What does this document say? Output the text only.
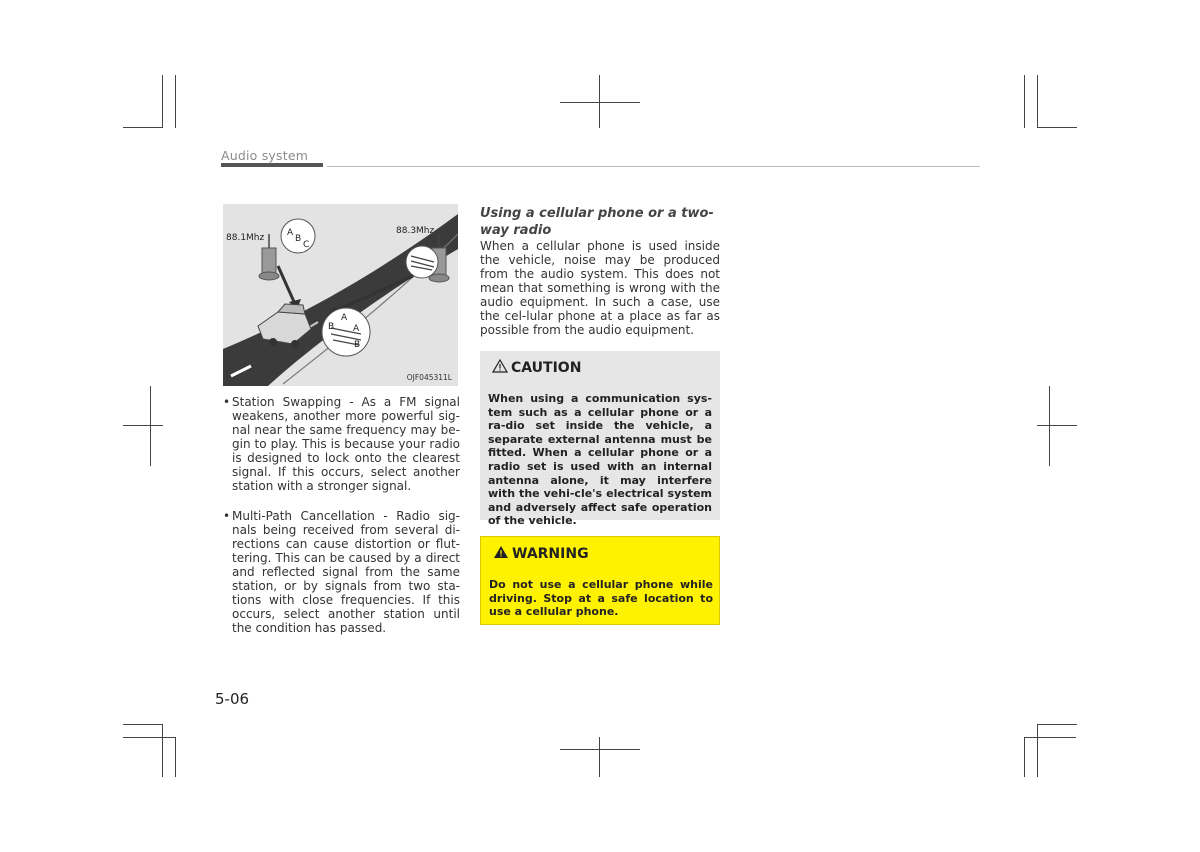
Audio system
88.1Mhz
88.3Mhz
A
B
C
A
B A
B
OJF045311L
• Station Swapping - As a FM signal weakens, another more powerful sig-nal near the same frequency may be-gin to play. This is because your radio is designed to lock onto the clearest signal. If this occurs, select another station with a stronger signal.
• Multi-Path Cancellation - Radio sig-nals being received from several di-rections can cause distortion or flut-tering. This can be caused by a direct and reflected signal from the same station, or by signals from two sta-tions with close frequencies. If this occurs, select another station until the condition has passed.
Using a cellular phone or a two-way radio
When a cellular phone is used inside the vehicle, noise may be produced from the audio system. This does not mean that something is wrong with the audio equipment. In such a case, use the cel-lular phone at a place as far as possible from the audio equipment.
CAUTION
When using a communication sys-tem such as a cellular phone or a ra-dio set inside the vehicle, a separate external antenna must be fitted. When a cellular phone or a radio set is used with an internal antenna alone, it may interfere with the vehi-cle's electrical system and adversely affect safe operation of the vehicle.
WARNING
Do not use a cellular phone while driving. Stop at a safe location to use a cellular phone.
5-06
